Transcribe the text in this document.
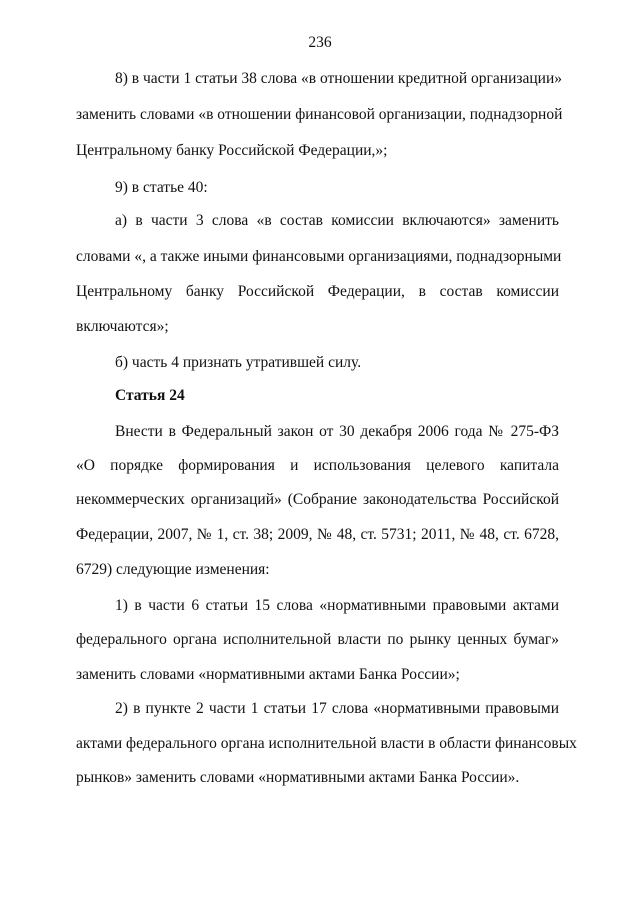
236
8) в части 1 статьи 38 слова «в отношении кредитной организации»
заменить словами «в отношении финансовой организации, поднадзорной
Центральному банку Российской Федерации,»;
9) в статье 40:
а) в части 3 слова «в состав комиссии включаются» заменить
словами «, а также иными финансовыми организациями, поднадзорными
Центральному банку Российской Федерации, в состав комиссии
включаются»;
б) часть 4 признать утратившей силу.
Статья 24
Внести в Федеральный закон от 30 декабря 2006 года № 275-ФЗ
«О порядке формирования и использования целевого капитала
некоммерческих организаций» (Собрание законодательства Российской
Федерации, 2007, № 1, ст. 38; 2009, № 48, ст. 5731; 2011, № 48, ст. 6728,
6729) следующие изменения:
1) в части 6 статьи 15 слова «нормативными правовыми актами
федерального органа исполнительной власти по рынку ценных бумаг»
заменить словами «нормативными актами Банка России»;
2) в пункте 2 части 1 статьи 17 слова «нормативными правовыми
актами федерального органа исполнительной власти в области финансовых
рынков» заменить словами «нормативными актами Банка России».
